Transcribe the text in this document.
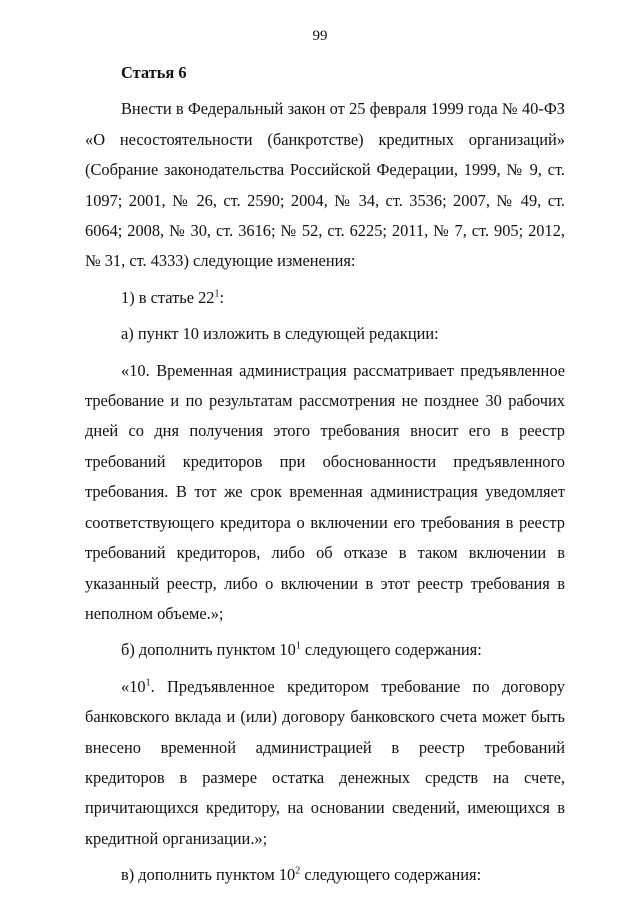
99
Статья 6

Внести в Федеральный закон от 25 февраля 1999 года № 40-ФЗ «О несостоятельности (банкротстве) кредитных организаций» (Собрание законодательства Российской Федерации, 1999, № 9, ст. 1097; 2001, № 26, ст. 2590; 2004, № 34, ст. 3536; 2007, № 49, ст. 6064; 2008, № 30, ст. 3616; № 52, ст. 6225; 2011, № 7, ст. 905; 2012, № 31, ст. 4333) следующие изменения:

1) в статье $22^1$:

а) пункт 10 изложить в следующей редакции:

«10. Временная администрация рассматривает предъявленное требование и по результатам рассмотрения не позднее 30 рабочих дней со дня получения этого требования вносит его в реестр требований кредиторов при обоснованности предъявленного требования. В тот же срок временная администрация уведомляет соответствующего кредитора о включении его требования в реестр требований кредиторов, либо об отказе в таком включении в указанный реестр, либо о включении в этот реестр требования в неполном объеме.»;

б) дополнить пунктом $10^1$ следующего содержания:

«$10^1$. Предъявленное кредитором требование по договору банковского вклада и (или) договору банковского счета может быть внесено временной администрацией в реестр требований кредиторов в размере остатка денежных средств на счете, причитающихся кредитору, на основании сведений, имеющихся в кредитной организации.»;

в) дополнить пунктом $10^2$ следующего содержания:
